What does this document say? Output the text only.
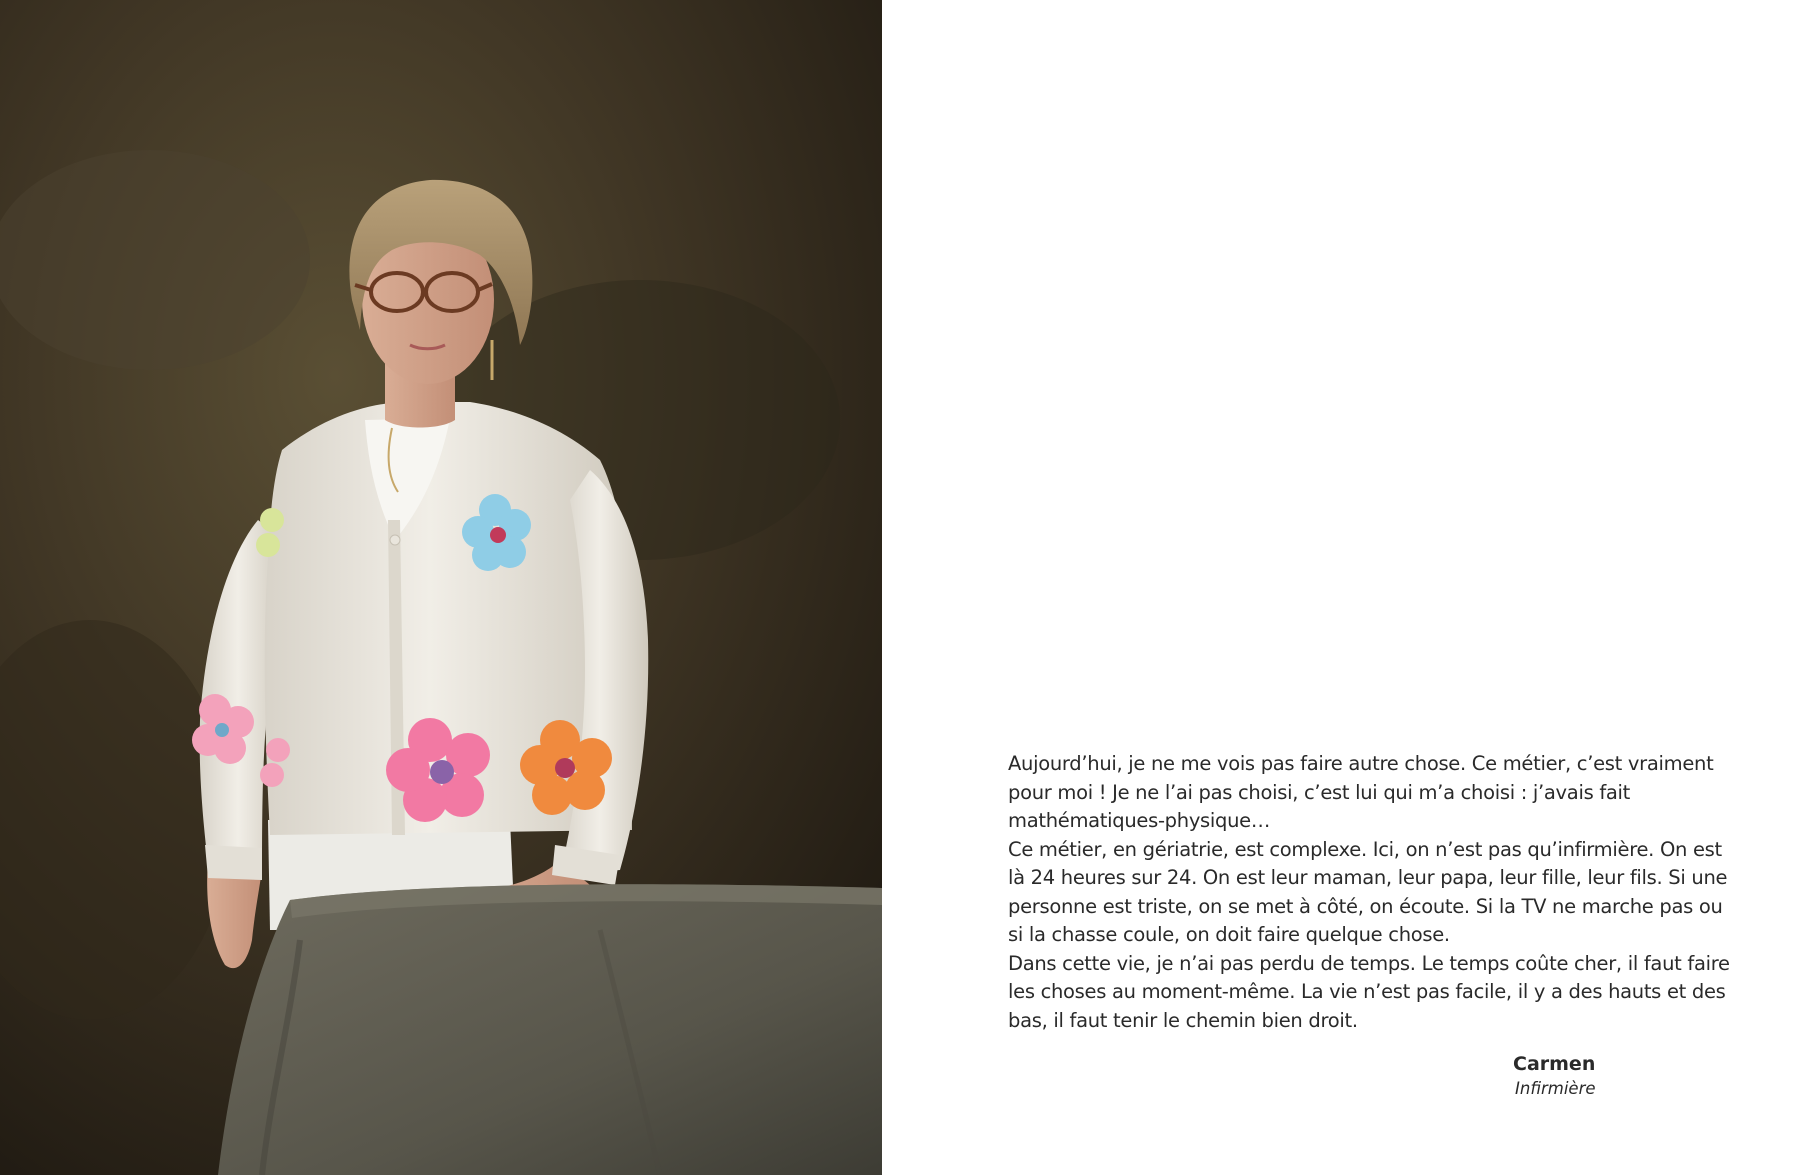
Aujourd’hui, je ne me vois pas faire autre chose. Ce métier, c’est vraiment pour moi ! Je ne l’ai pas choisi, c’est lui qui m’a choisi : j’avais fait mathématiques-physique…

Ce métier, en gériatrie, est complexe. Ici, on n’est pas qu’infirmière. On est là 24 heures sur 24. On est leur maman, leur papa, leur fille, leur fils. Si une personne est triste, on se met à côté, on écoute. Si la TV ne marche pas ou si la chasse coule, on doit faire quelque chose.

Dans cette vie, je n’ai pas perdu de temps. Le temps coûte cher, il faut faire les choses au moment-même. La vie n’est pas facile, il y a des hauts et des bas, il faut tenir le chemin bien droit.

Carmen
Infirmière
